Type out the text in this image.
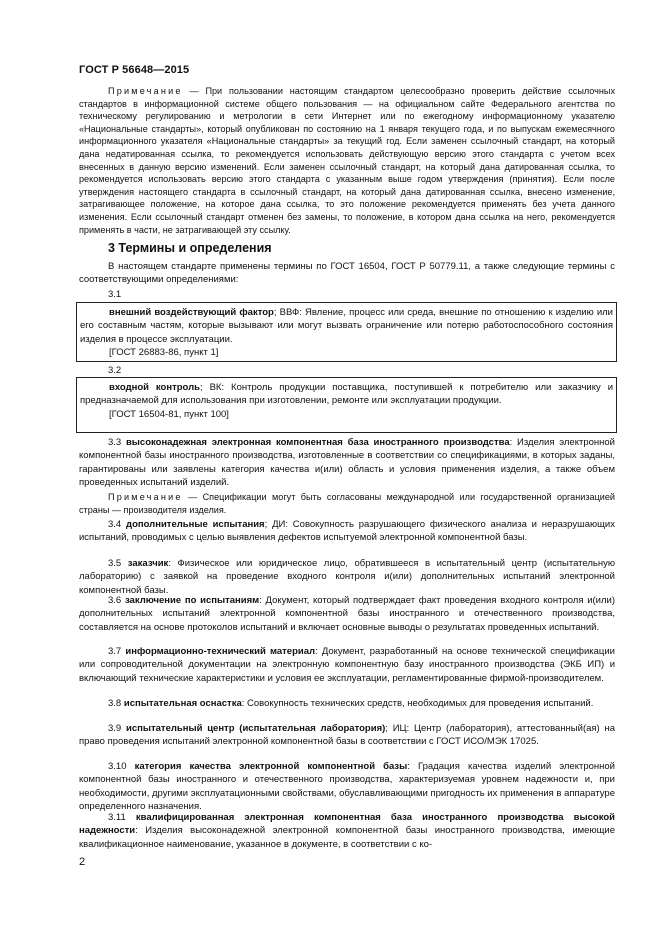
ГОСТ Р 56648—2015
Примечание — При пользовании настоящим стандартом целесообразно проверить действие ссылочных стандартов в информационной системе общего пользования — на официальном сайте Федерального агентства по техническому регулированию и метрологии в сети Интернет или по ежегодному информационному указателю «Национальные стандарты», который опубликован по состоянию на 1 января текущего года, и по выпускам ежемесячного информационного указателя «Национальные стандарты» за текущий год. Если заменен ссылочный стандарт, на который дана недатированная ссылка, то рекомендуется использовать действующую версию этого стандарта с учетом всех внесенных в данную версию изменений. Если заменен ссылочный стандарт, на который дана датированная ссылка, то рекомендуется использовать версию этого стандарта с указанным выше годом утверждения (принятия). Если после утверждения настоящего стандарта в ссылочный стандарт, на который дана датированная ссылка, внесено изменение, затрагивающее положение, на которое дана ссылка, то это положение рекомендуется применять без учета данного изменения. Если ссылочный стандарт отменен без замены, то положение, в котором дана ссылка на него, рекомендуется применять в части, не затрагивающей эту ссылку.
3 Термины и определения
В настоящем стандарте применены термины по ГОСТ 16504, ГОСТ Р 50779.11, а также следующие термины с соответствующими определениями:
3.1
внешний воздействующий фактор; ВВФ: Явление, процесс или среда, внешние по отношению к изделию или его составным частям, которые вызывают или могут вызвать ограничение или потерю работоспособного состояния изделия в процессе эксплуатации.
[ГОСТ 26883-86, пункт 1]
3.2
входной контроль; ВК: Контроль продукции поставщика, поступившей к потребителю или заказчику и предназначаемой для использования при изготовлении, ремонте или эксплуатации продукции.
[ГОСТ 16504-81, пункт 100]
3.3 высоконадежная электронная компонентная база иностранного производства: Изделия электронной компонентной базы иностранного производства, изготовленные в соответствии со спецификациями, в которых заданы, гарантированы или заявлены категория качества и(или) область и условия применения изделия, а также объем проведенных испытаний изделий.
Примечание — Спецификации могут быть согласованы международной или государственной организацией страны — производителя изделия.
3.4 дополнительные испытания; ДИ: Совокупность разрушающего физического анализа и неразрушающих испытаний, проводимых с целью выявления дефектов испытуемой электронной компонентной базы.
3.5 заказчик: Физическое или юридическое лицо, обратившееся в испытательный центр (испытательную лабораторию) с заявкой на проведение входного контроля и(или) дополнительных испытаний электронной компонентной базы.
3.6 заключение по испытаниям: Документ, который подтверждает факт проведения входного контроля и(или) дополнительных испытаний электронной компонентной базы иностранного и отечественного производства, составляется на основе протоколов испытаний и включает основные выводы о результатах проведенных испытаний.
3.7 информационно-технический материал: Документ, разработанный на основе технической спецификации или сопроводительной документации на электронную компонентную базу иностранного производства (ЭКБ ИП) и включающий технические характеристики и условия ее эксплуатации, регламентированные фирмой-производителем.
3.8 испытательная оснастка: Совокупность технических средств, необходимых для проведения испытаний.
3.9 испытательный центр (испытательная лаборатория); ИЦ: Центр (лаборатория), аттестованный(ая) на право проведения испытаний электронной компонентной базы в соответствии с ГОСТ ИСО/МЭК 17025.
3.10 категория качества электронной компонентной базы: Градация качества изделий электронной компонентной базы иностранного и отечественного производства, характеризуемая уровнем надежности и, при необходимости, другими эксплуатационными свойствами, обуславливающими пригодность их применения в аппаратуре определенного назначения.
3.11 квалифицированная электронная компонентная база иностранного производства высокой надежности: Изделия высоконадежной электронной компонентной базы иностранного производства, имеющие квалификационное наименование, указанное в документе, в соответствии с ко-
2
